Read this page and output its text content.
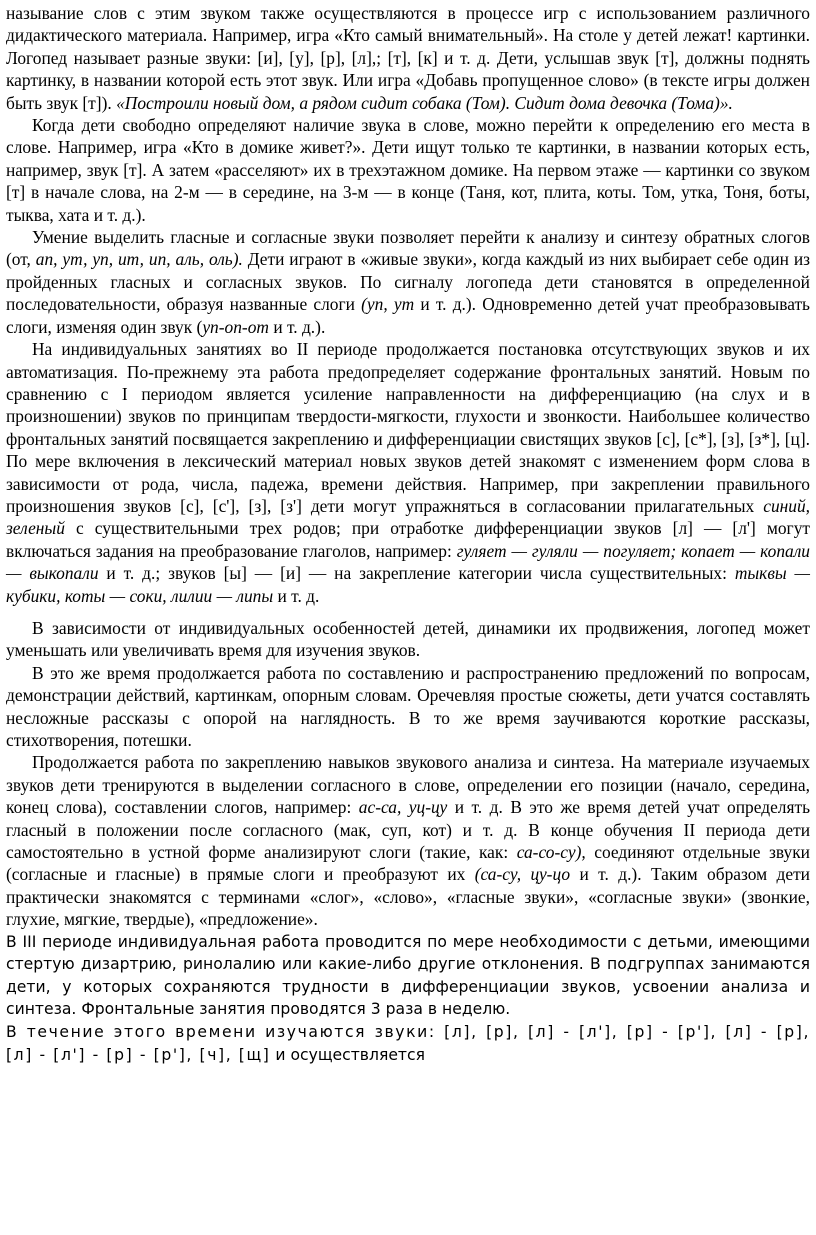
называние слов с этим звуком также осуществляются в процессе игр с использованием различного дидактического материала. Например, игра «Кто самый внимательный». На столе у детей лежат! картинки. Логопед называет разные звуки: [и], [у], [р], [л],; [т], [к] и т. д. Дети, услышав звук [т], должны поднять картинку, в названии которой есть этот звук. Или игра «Добавь пропущенное слово» (в тексте игры должен быть звук [т]). «Построили новый дом, а рядом сидит собака (Том). Сидит дома девочка (Тома)».

Когда дети свободно определяют наличие звука в слове, можно перейти к определению его места в слове. Например, игра «Кто в домике живет?». Дети ищут только те картинки, в названии которых есть, например, звук [т]. А затем «расселяют» их в трехэтажном домике. На первом этаже — картинки со звуком [т] в начале слова, на 2-м — в середине, на 3-м — в конце (Таня, кот, плита, коты. Том, утка, Тоня, боты, тыква, хата и т. д.).

Умение выделить гласные и согласные звуки позволяет перейти к анализу и синтезу обратных слогов (от, ап, ут, уп, ит, ип, аль, оль). Дети играют в «живые звуки», когда каждый из них выбирает себе один из пройденных гласных и согласных звуков. По сигналу логопеда дети становятся в определенной последовательности, образуя названные слоги (уп, ут и т. д.). Одновременно детей учат преобразовывать слоги, изменяя один звук (уп-оп-от и т. д.).

На индивидуальных занятиях во II периоде продолжается постановка отсутствующих звуков и их автоматизация. По-прежнему эта работа предопределяет содержание фронтальных занятий. Новым по сравнению с I периодом является усиление направленности на дифференциацию (на слух и в произношении) звуков по принципам твердости-мягкости, глухости и звонкости. Наибольшее количество фронтальных занятий посвящается закреплению и дифференциации свистящих звуков [с], [с*], [з], [з*], [ц]. По мере включения в лексический материал новых звуков детей знакомят с изменением форм слова в зависимости от рода, числа, падежа, времени действия. Например, при закреплении правильного произношения звуков [с], [с'], [з], [з'] дети могут упражняться в согласовании прилагательных синий, зеленый с существительными трех родов; при отработке дифференциации звуков [л] — [л'] могут включаться задания на преобразование глаголов, например: гуляет — гуляли — погуляет; копает — копали — выкопали и т. д.; звуков [ы] — [и] — на закрепление категории числа существительных: тыквы — кубики, коты — соки, лилии — липы и т. д.

В зависимости от индивидуальных особенностей детей, динамики их продвижения, логопед может уменьшать или увеличивать время для изучения звуков.

В это же время продолжается работа по составлению и распространению предложений по вопросам, демонстрации действий, картинкам, опорным словам. Оречевляя простые сюжеты, дети учатся составлять несложные рассказы с опорой на наглядность. В то же время заучиваются короткие рассказы, стихотворения, потешки.

Продолжается работа по закреплению навыков звукового анализа и синтеза. На материале изучаемых звуков дети тренируются в выделении согласного в слове, определении его позиции (начало, середина, конец слова), составлении слогов, например: ас-са, уц-цу и т. д. В это же время детей учат определять гласный в положении после согласного (мак, суп, кот) и т. д. В конце обучения II периода дети самостоятельно в устной форме анализируют слоги (такие, как: са-со-су), соединяют отдельные звуки (согласные и гласные) в прямые слоги и преобразуют их (са-су, цу-цо и т. д.). Таким образом дети практически знакомятся с терминами «слог», «слово», «гласные звуки», «согласные звуки» (звонкие, глухие, мягкие, твердые), «предложение».

В III периоде индивидуальная работа проводится по мере необходимости с детьми, имеющими стертую дизартрию, ринолалию или какие-либо другие отклонения. В подгруппах занимаются дети, у которых сохраняются трудности в дифференциации звуков, усвоении анализа и синтеза. Фронтальные занятия проводятся 3 раза в неделю.

В течение этого времени изучаются звуки: [л], [р], [л] - [л'], [р] - [р'], [л] - [р], [л] - [л'] - [р] - [р'], [ч], [щ] и осуществляется
